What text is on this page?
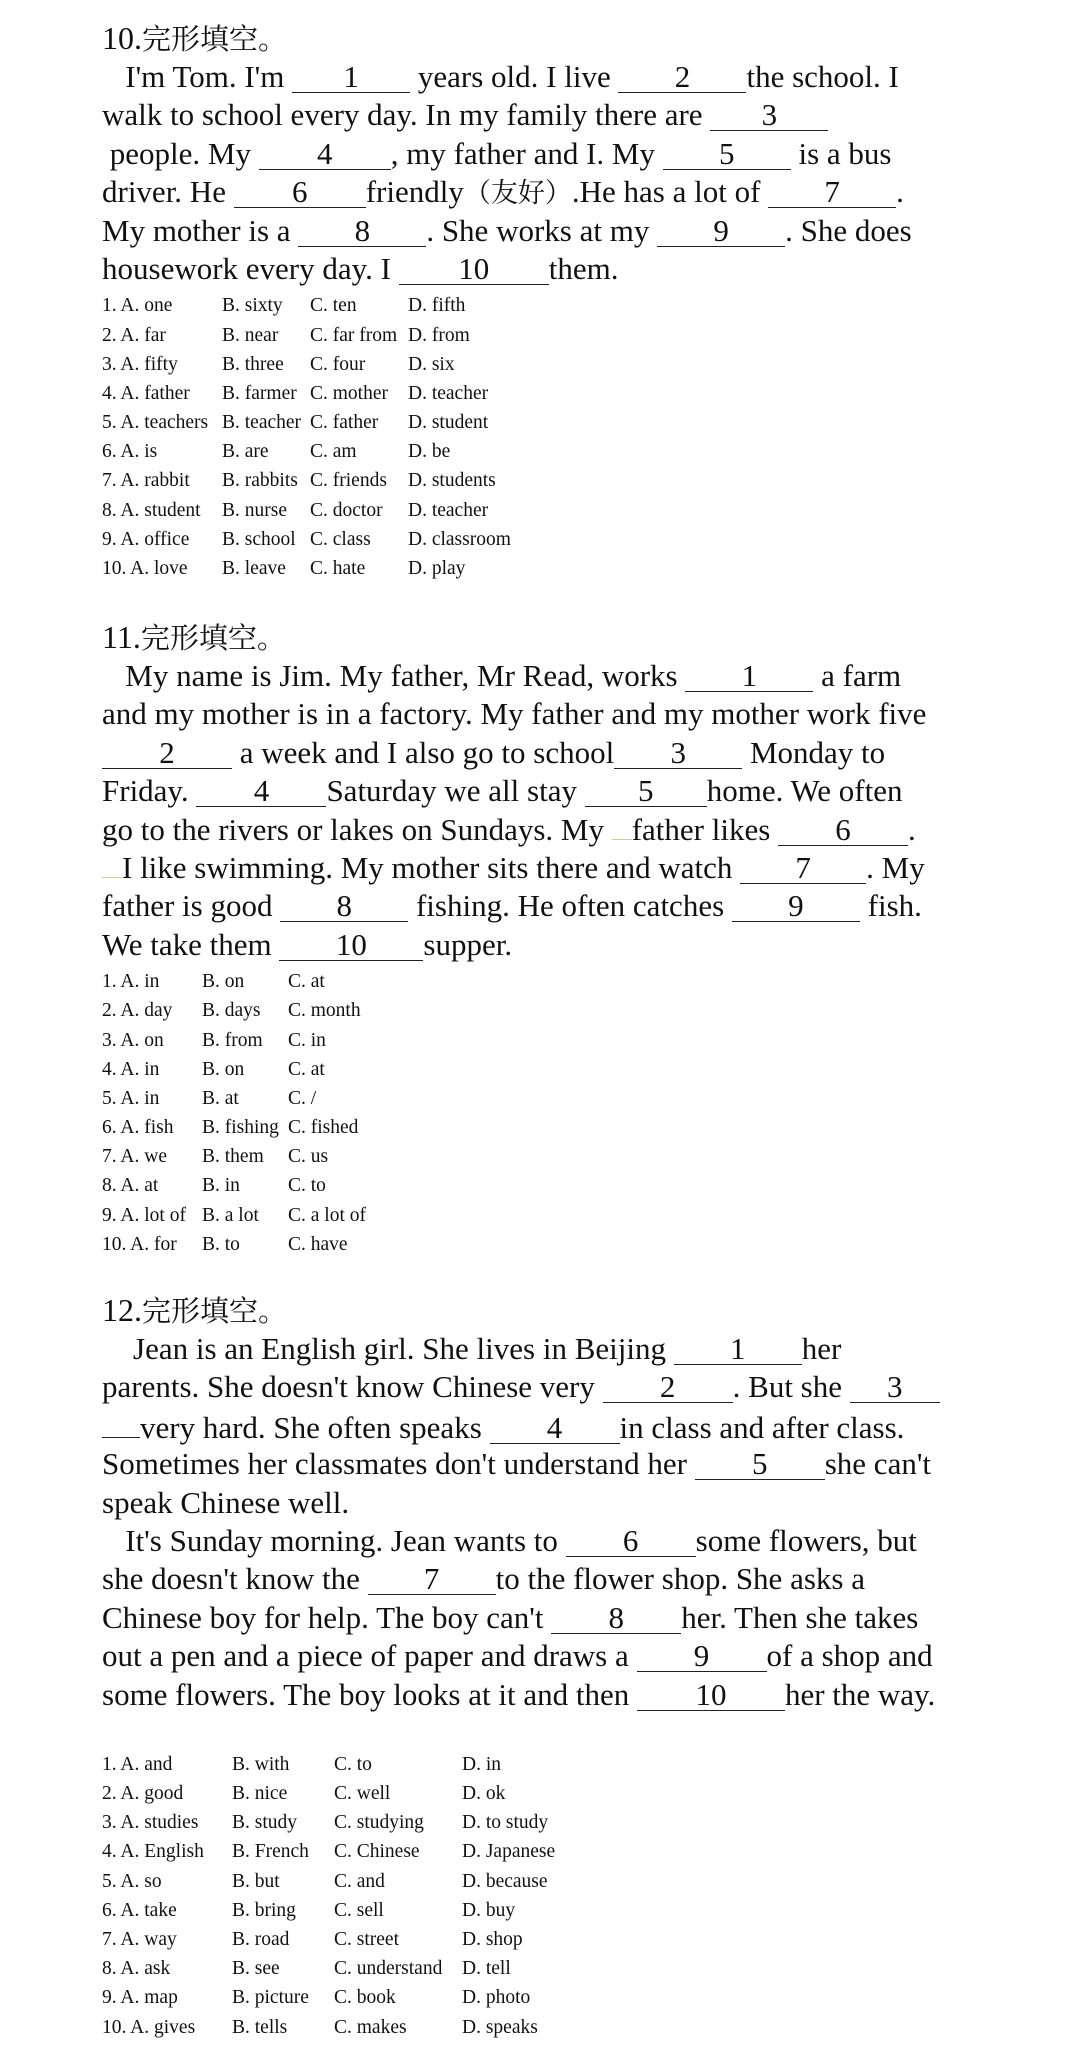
10.完形填空。
I'm Tom. I'm 1 years old. I live 2 the school. I
walk to school every day. In my family there are 3
people. My 4 , my father and I. My 5 is a bus
driver. He 6 friendly（友好）.He has a lot of 7 .
My mother is a 8 . She works at my 9 . She does
housework every day. I 10 them.
1. A. one	B. sixty C. ten	D. fifth
2. A. far	B. near C. far from D. from
3. A. fifty B. three C. four D. six
4. A. father B. farmer C. mother D. teacher
5. A. teachers B. teacher C. father D. student
6. A. is	B. are C. am	D. be
7. A. rabbit B. rabbits C. friends D. students
8. A. student B. nurse C. doctor D. teacher
9. A. office B. school C. class D. classroom
10. A. love B. leave C. hate D. play
11.完形填空。
My name is Jim. My father, Mr Read, works 1 a farm
and my mother is in a factory. My father and my mother work five
2 a week and I also go to school 3 Monday to
Friday. 4 Saturday we all stay 5 home. We often
go to the rivers or lakes on Sundays. My father likes 6 .
I like swimming. My mother sits there and watch 7 . My
father is good 8 fishing. He often catches 9 fish.
We take them 10 supper.
1. A. in B. on C. at
2. A. day B. days C. month
3. A. on B. from C. in
4. A. in B. on C. at
5. A. in B. at	C. /
6. A. fish B. fishing C. fished
7. A. we B. them C. us
8. A. at B. in C. to
9. A. lot of B. a lot C. a lot of
10. A. for B. to C. have
12.完形填空。
Jean is an English girl. She lives in Beijing 1 her
parents. She doesn't know Chinese very 2 . But she 3
very hard. She often speaks 4 in class and after class.
Sometimes her classmates don't understand her 5 she can't
speak Chinese well.
It's Sunday morning. Jean wants to 6 some flowers, but
she doesn't know the 7 to the flower shop. She asks a
Chinese boy for help. The boy can't 8 her. Then she takes
out a pen and a piece of paper and draws a 9 of a shop and
some flowers. The boy looks at it and then 10 her the way.
1. A. and	B. with C. to	D. in
2. A. good B. nice C. well	D. ok
3. A. studies B. study C. studying D. to study
4. A. English B. French C. Chinese D. Japanese
5. A. so	B. but	C. and	D. because
6. A. take	B. bring C. sell	D. buy
7. A. way	B. road C. street	D. shop
8. A. ask	B. see	C. understand D. tell
9. A. map	B. picture C. book	D. photo
10. A. gives B. tells C. makes	D. speaks
